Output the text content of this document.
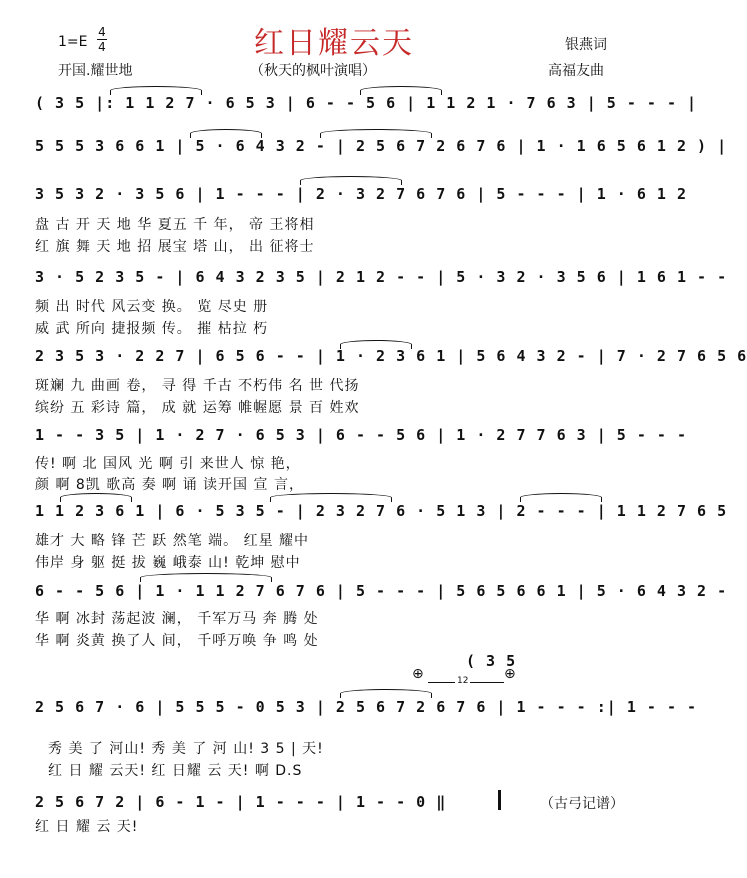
1=E
4
4	红日耀云天	银燕词
开国.耀世地	（秋天的枫叶演唱）	高福友曲
( 3 5 |: 1 1 2 7 · 6 5 3 | 6 - - 5 6 | 1 1 2 1 · 7 6 3 | 5 - - - |
5 5 5 3 6 6 1 | 5 · 6 4 3 2 - | 2 5 6 7 2 6 7 6 | 1 · 1 6 5 6 1 2 ) |
3 5 3 2 · 3 5 6 | 1 - - - | 2 · 3 2 7 6 7 6 | 5 - - - | 1 · 6 1 2
盘 古 开 天 地 华 夏五 千 年， 帝 王将相
红 旗 舞 天 地 招 展宝 塔 山， 出 征将士
3 · 5 2 3 5 - | 6 4 3 2 3 5 | 2 1 2 - - | 5 · 3 2 · 3 5 6 | 1 6 1 - -
频 出 时代 风云变 换。 览 尽史 册
威 武 所向 捷报频 传。 摧 枯拉 朽
2 3 5 3 · 2 2 7 | 6 5 6 - - | 1 · 2 3 6 1 | 5 6 4 3 2 - | 7 · 2 7 6 5 6
斑斓 九 曲画 卷， 寻 得 千古 不朽伟 名 世 代扬
缤纷 五 彩诗 篇， 成 就 运筹 帷幄愿 景 百 姓欢
1 - - 3 5 | 1 · 2 7 · 6 5 3 | 6 - - 5 6 | 1 · 2 7 7 6 3 | 5 - - -
传! 啊 北 国风 光 啊 引 来世人 惊 艳，
颜 啊 8凯 歌高 奏 啊 诵 读开国 宣 言，
1 1 2 3 6 1 | 6 · 5 3 5 - | 2 3 2 7 6 · 5 1 3 | 2 - - - | 1 1 2 7 6 5
雄才 大 略 锋 芒 跃 然笔 端。 红星 耀中
伟岸 身 躯 挺 拔 巍 峨泰 山! 乾坤 慰中
6 - - 5 6 | 1 · 1 1 2 7 6 7 6 | 5 - - - | 5 6 5 6 6 1 | 5 · 6 4 3 2 -
华 啊 冰封 荡起波 澜， 千军万马 奔 腾 处
华 啊 炎黄 换了人 间， 千呼万唤 争 鸣 处
( 3 5
⊕	⊕
12
2 5 6 7 · 6 | 5 5 5 - 0 5 3 | 2 5 6 7 2 6 7 6 | 1 - - - :| 1 - - -
秀 美 了 河山! 秀 美 了 河 山! 3 5 | 天!
红 日 耀 云天! 红 日耀 云 天! 啊 D.S
2 5 6 7 2 | 6 - 1 - | 1 - - - | 1 - - 0 ‖
红 日 耀 云 天!
（古弓记谱）
